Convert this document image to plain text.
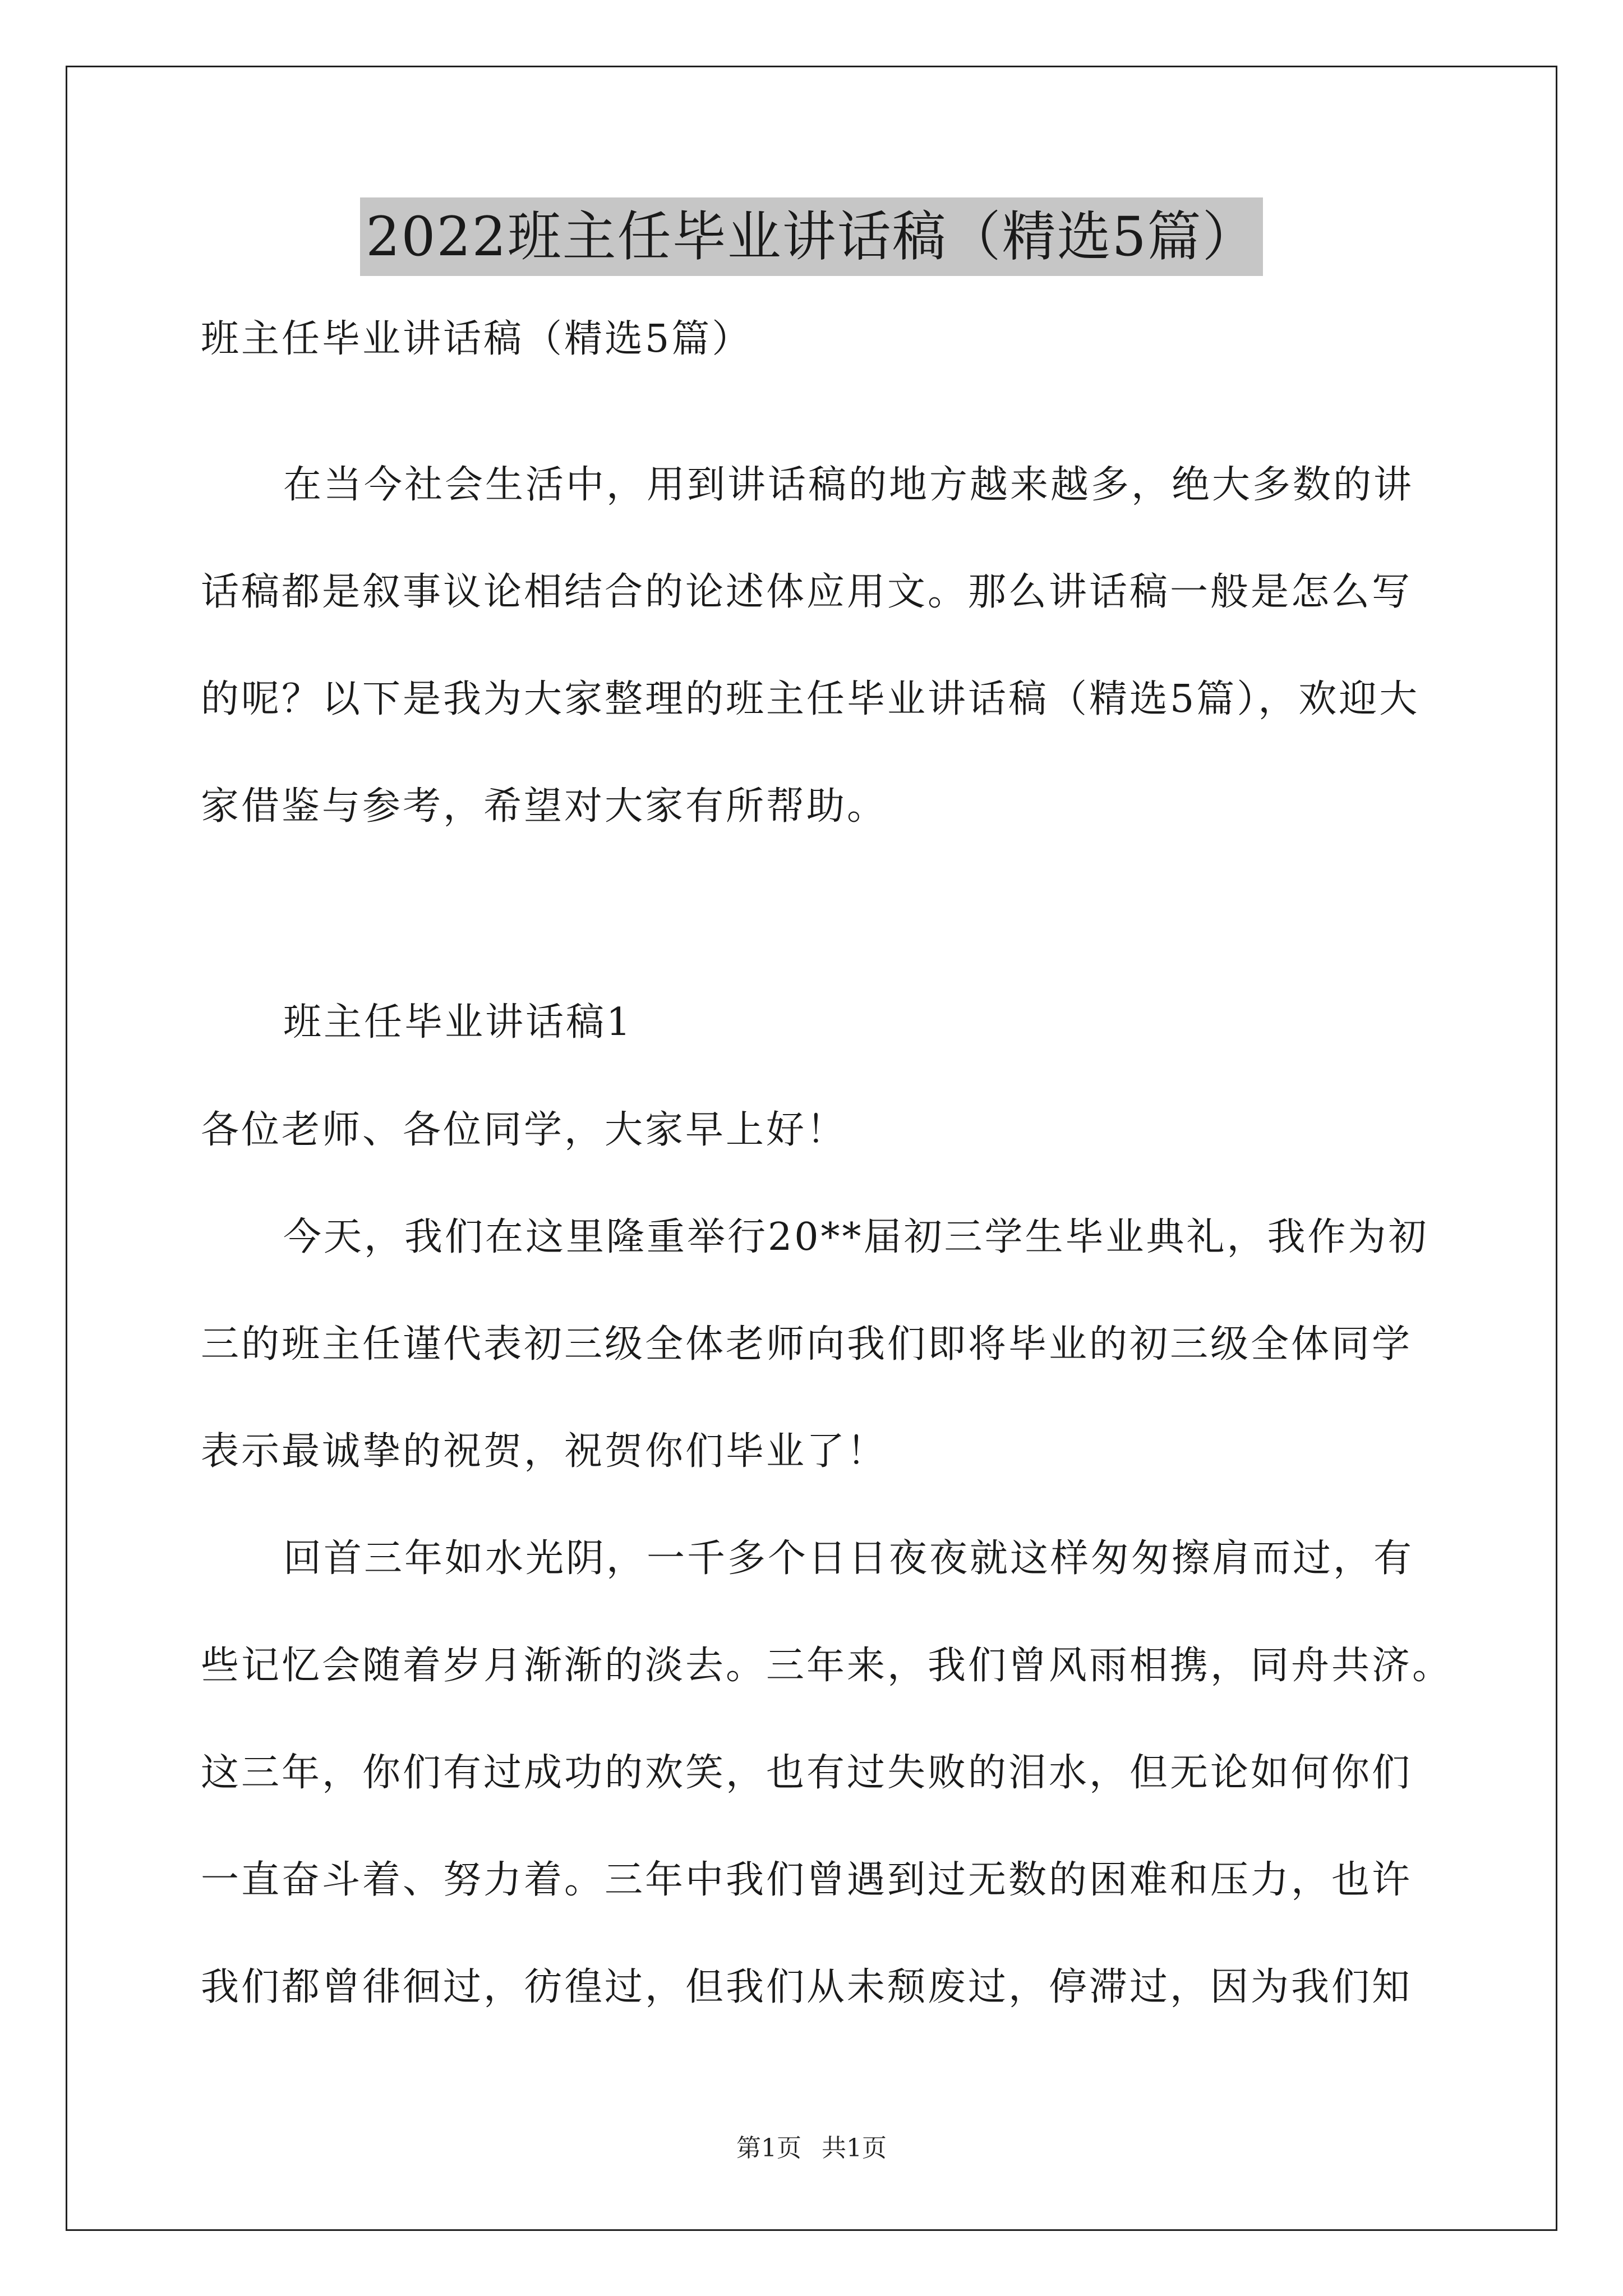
2022班主任毕业讲话稿（精选5篇）
班主任毕业讲话稿（精选5篇）
在当今社会生活中，用到讲话稿的地方越来越多，绝大多数的讲
话稿都是叙事议论相结合的论述体应用文。那么讲话稿一般是怎么写
的呢？以下是我为大家整理的班主任毕业讲话稿（精选5篇），欢迎大
家借鉴与参考，希望对大家有所帮助。
班主任毕业讲话稿1
各位老师、各位同学，大家早上好！
今天，我们在这里隆重举行20**届初三学生毕业典礼，我作为初
三的班主任谨代表初三级全体老师向我们即将毕业的初三级全体同学
表示最诚挚的祝贺，祝贺你们毕业了！
回首三年如水光阴，一千多个日日夜夜就这样匆匆擦肩而过，有
些记忆会随着岁月渐渐的淡去。三年来，我们曾风雨相携，同舟共济。
这三年，你们有过成功的欢笑，也有过失败的泪水，但无论如何你们
一直奋斗着、努力着。三年中我们曾遇到过无数的困难和压力，也许
我们都曾徘徊过，彷徨过，但我们从未颓废过，停滞过，因为我们知
第1页 共1页
